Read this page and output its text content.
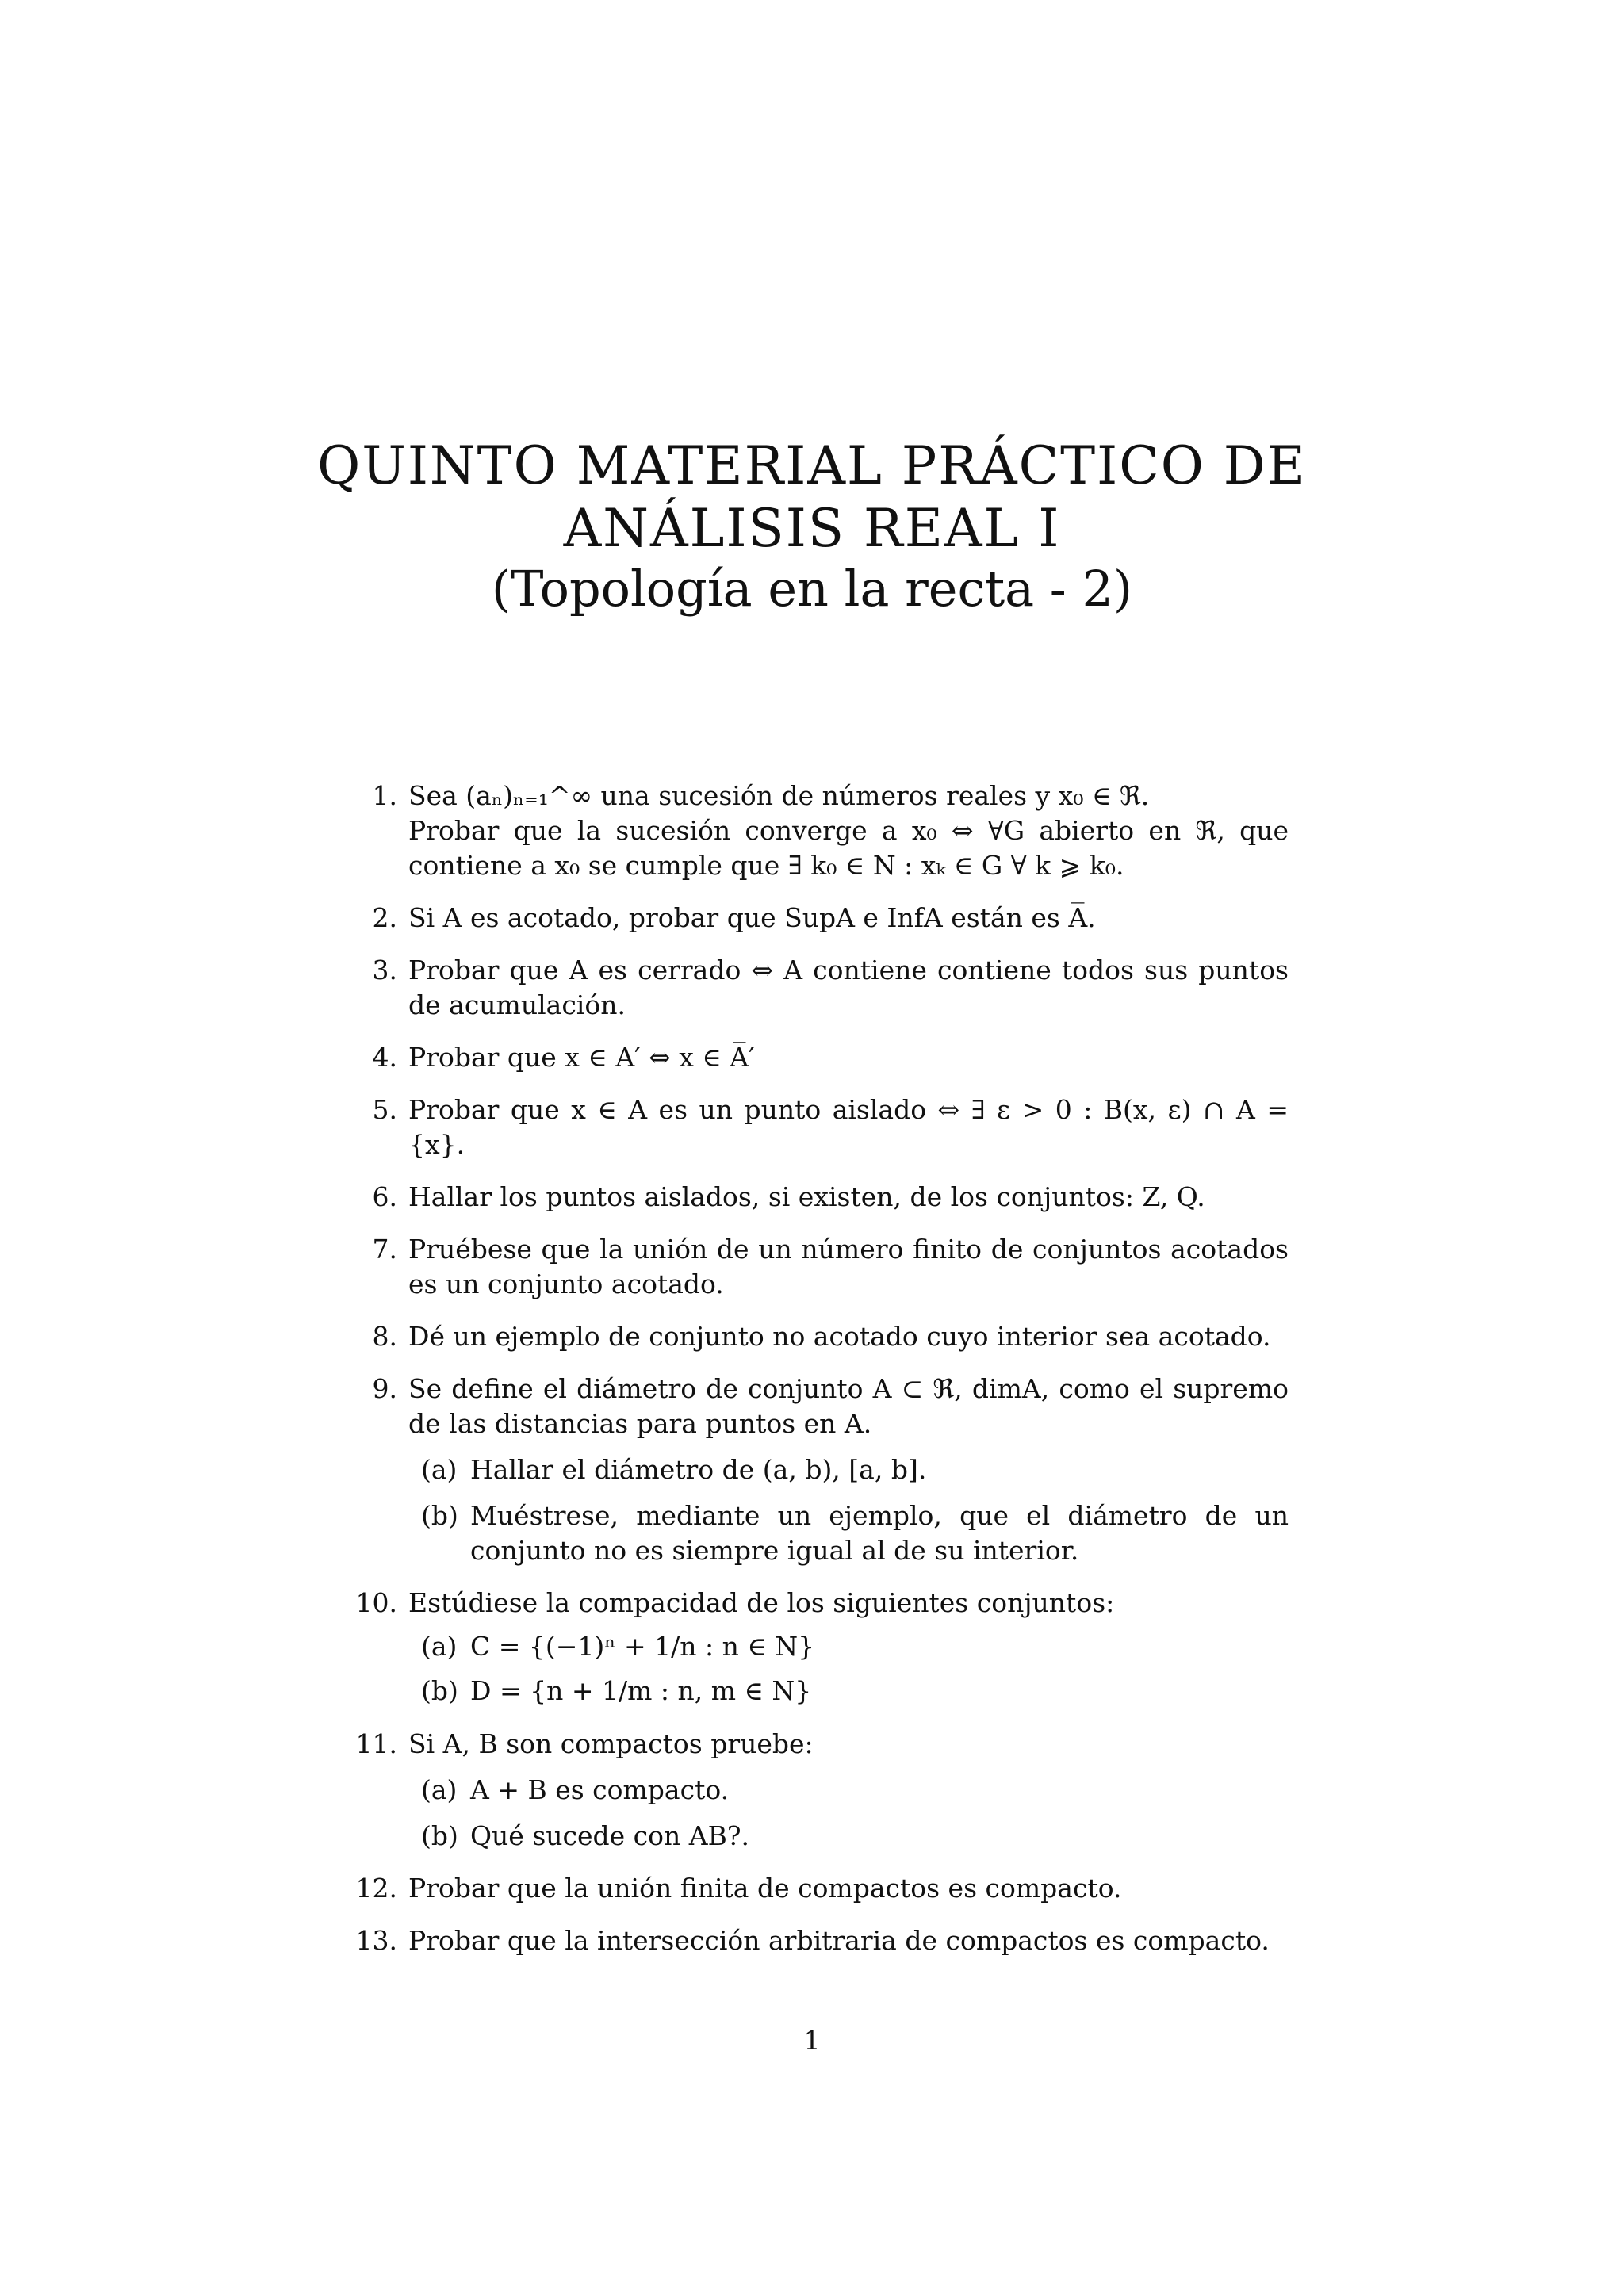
QUINTO MATERIAL PRÁCTICO DE
ANÁLISIS REAL I
(Topología en la recta - 2)
1. Sea (aₙ)ₙ₌₁^∞ una sucesión de números reales y x₀ ∈ ℜ.

Probar que la sucesión converge a x₀ ⇔ ∀G abierto en ℜ, que contiene a x₀ se cumple que ∃ k₀ ∈ N : xₖ ∈ G ∀ k ⩾ k₀.

2. Si A es acotado, probar que SupA e InfA están es A̅.

3. Probar que A es cerrado ⇔ A contiene contiene todos sus puntos de acumulación.

4. Probar que x ∈ A′ ⇔ x ∈ A̅′

5. Probar que x ∈ A es un punto aislado ⇔ ∃ ε > 0 : B(x, ε) ∩ A = {x}.

6. Hallar los puntos aislados, si existen, de los conjuntos: Z, Q.

7. Pruébese que la unión de un número finito de conjuntos acotados es un conjunto acotado.

8. Dé un ejemplo de conjunto no acotado cuyo interior sea acotado.

9. Se define el diámetro de conjunto A ⊂ ℜ, dimA, como el supremo de las distancias para puntos en A.

(a) Hallar el diámetro de (a, b), [a, b].
(b) Muéstrese, mediante un ejemplo, que el diámetro de un conjunto no es siempre igual al de su interior.
10. Estúdiese la compacidad de los siguientes conjuntos:

(a) C = {(−1)ⁿ + 1/n : n ∈ N}
(b) D = {n + 1/m : n, m ∈ N}
11. Si A, B son compactos pruebe:

(a) A + B es compacto.
(b) Qué sucede con AB?.
12. Probar que la unión finita de compactos es compacto.

13. Probar que la intersección arbitraria de compactos es compacto.

1
